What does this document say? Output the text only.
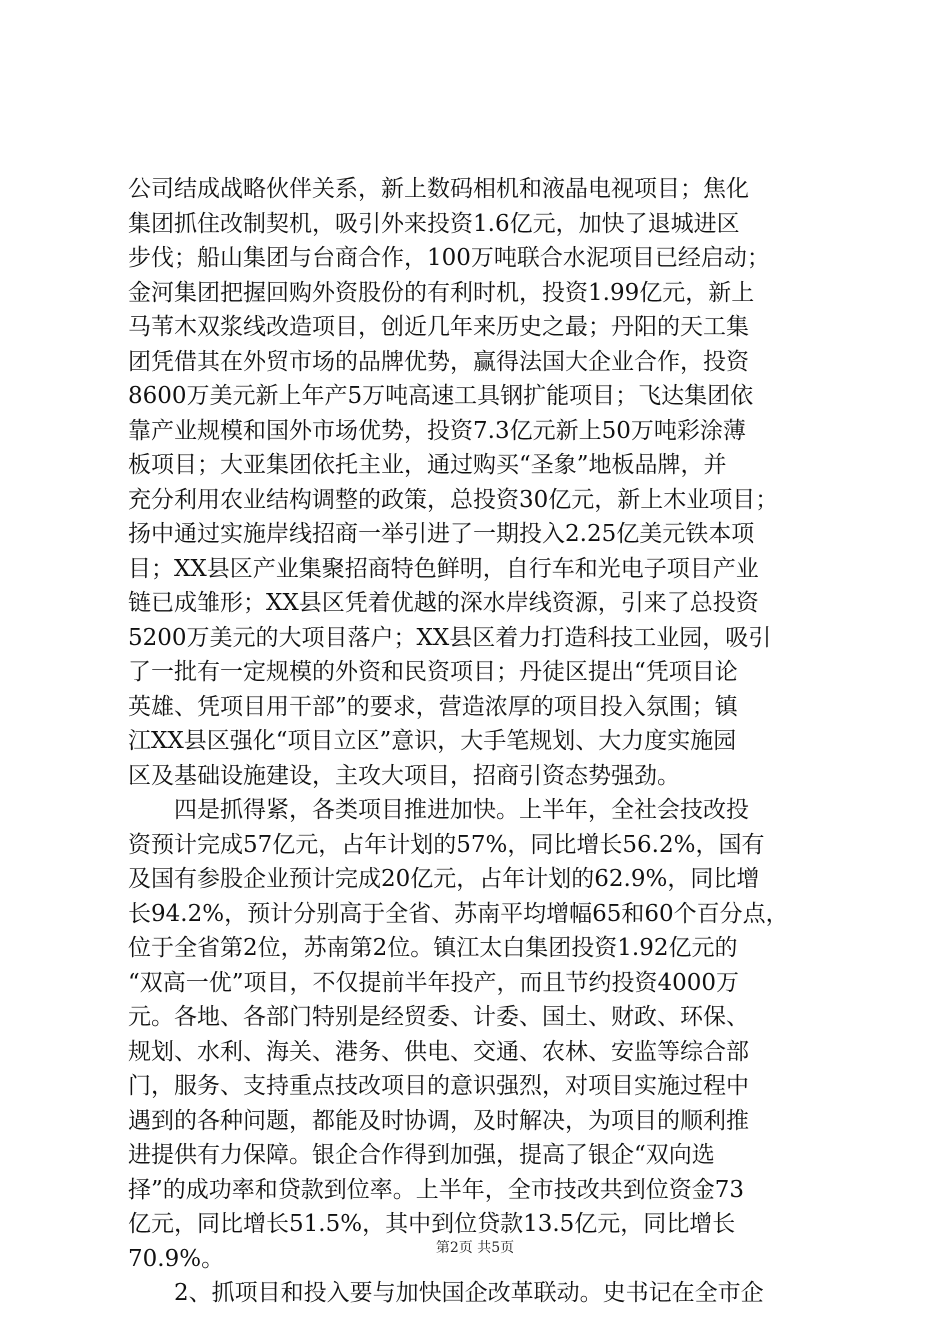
公司结成战略伙伴关系，新上数码相机和液晶电视项目；焦化
集团抓住改制契机，吸引外来投资1.6亿元，加快了退城进区
步伐；船山集团与台商合作，100万吨联合水泥项目已经启动；
金河集团把握回购外资股份的有利时机，投资1.99亿元，新上
马苇木双浆线改造项目，创近几年来历史之最；丹阳的天工集
团凭借其在外贸市场的品牌优势，赢得法国大企业合作，投资
8600万美元新上年产5万吨高速工具钢扩能项目；飞达集团依
靠产业规模和国外市场优势，投资7.3亿元新上50万吨彩涂薄
板项目；大亚集团依托主业，通过购买“圣象”地板品牌，并
充分利用农业结构调整的政策，总投资30亿元，新上木业项目；
扬中通过实施岸线招商一举引进了一期投入2.25亿美元铁本项
目；XX县区产业集聚招商特色鲜明，自行车和光电子项目产业
链已成雏形；XX县区凭着优越的深水岸线资源，引来了总投资
5200万美元的大项目落户；XX县区着力打造科技工业园，吸引
了一批有一定规模的外资和民资项目；丹徒区提出“凭项目论
英雄、凭项目用干部”的要求，营造浓厚的项目投入氛围；镇
江XX县区强化“项目立区”意识，大手笔规划、大力度实施园
区及基础设施建设，主攻大项目，招商引资态势强劲。
　　四是抓得紧，各类项目推进加快。上半年，全社会技改投
资预计完成57亿元，占年计划的57%，同比增长56.2%，国有
及国有参股企业预计完成20亿元，占年计划的62.9%，同比增
长94.2%，预计分别高于全省、苏南平均增幅65和60个百分点，
位于全省第2位，苏南第2位。镇江太白集团投资1.92亿元的
“双高一优”项目，不仅提前半年投产，而且节约投资4000万
元。各地、各部门特别是经贸委、计委、国土、财政、环保、
规划、水利、海关、港务、供电、交通、农林、安监等综合部
门，服务、支持重点技改项目的意识强烈，对项目实施过程中
遇到的各种问题，都能及时协调，及时解决，为项目的顺利推
进提供有力保障。银企合作得到加强，提高了银企“双向选
择”的成功率和贷款到位率。上半年，全市技改共到位资金73
亿元，同比增长51.5%，其中到位贷款13.5亿元，同比增长
70.9%。
　　2、抓项目和投入要与加快国企改革联动。史书记在全市企
第2页 共5页
